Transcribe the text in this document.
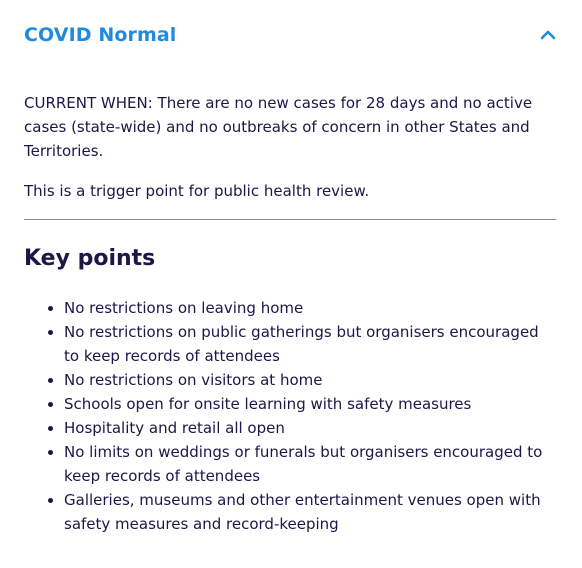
COVID Normal

CURRENT WHEN: There are no new cases for 28 days and no active cases (state-wide) and no outbreaks of concern in other States and Territories.

This is a trigger point for public health review.

Key points
• No restrictions on leaving home
• No restrictions on public gatherings but organisers encouraged to keep records of attendees
• No restrictions on visitors at home
• Schools open for onsite learning with safety measures
• Hospitality and retail all open
• No limits on weddings or funerals but organisers encouraged to keep records of attendees
• Galleries, museums and other entertainment venues open with safety measures and record-keeping
